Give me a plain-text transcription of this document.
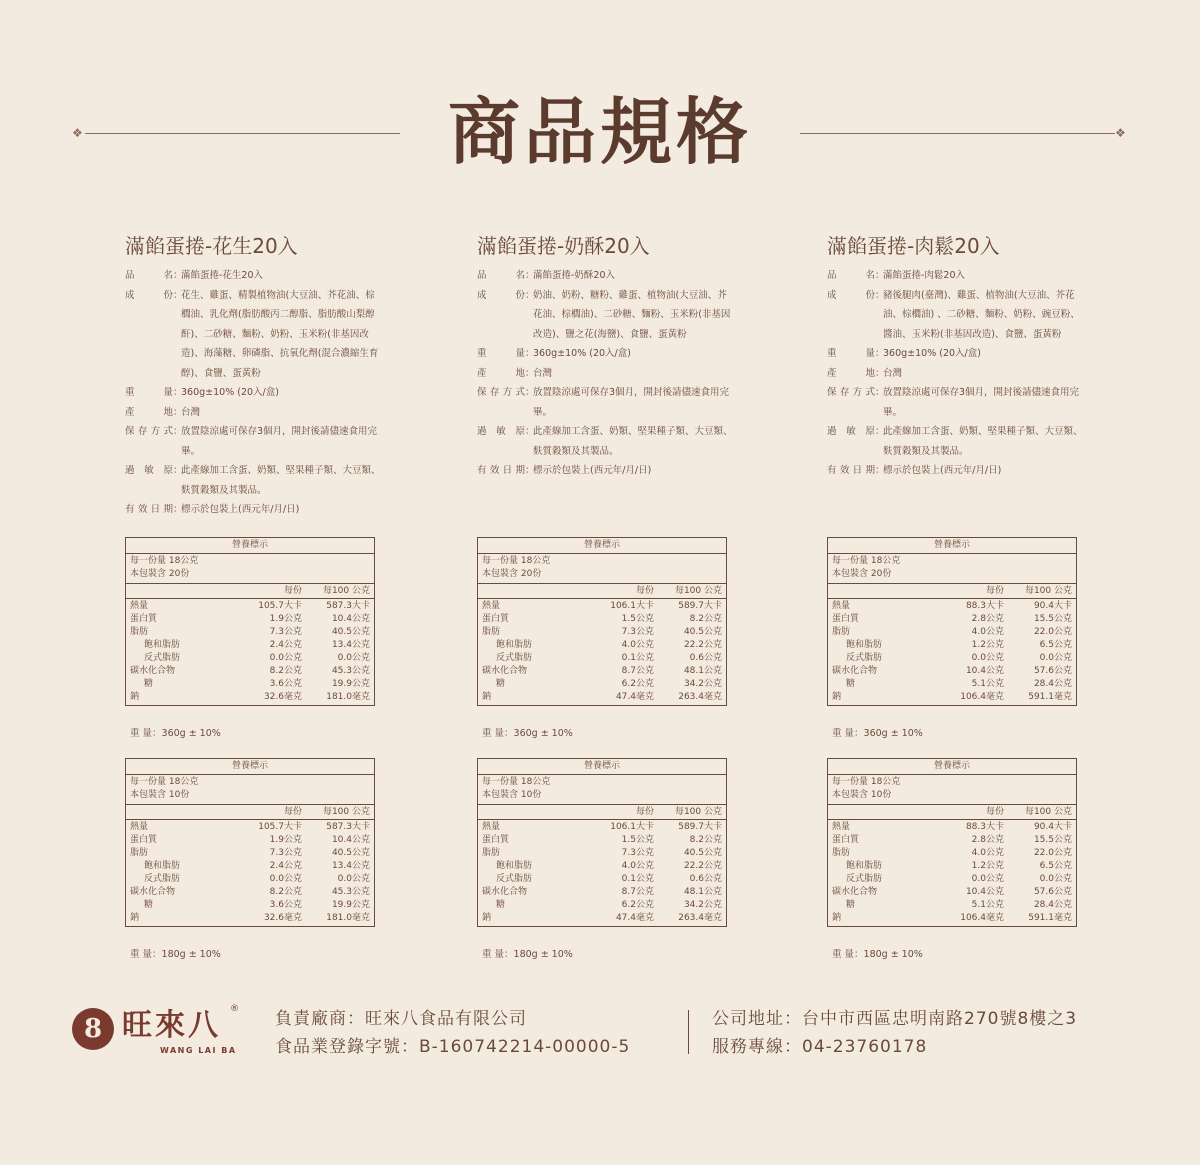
❖	❖
商品規格
滿餡蛋捲-花生20入
品名 ：
滿餡蛋捲-花生20入
成份 ：
花生、雞蛋、精製植物油(大豆油、芥花油、棕櫚油、乳化劑(脂肪酸丙二醇脂、脂肪酸山梨醇酐)、二砂糖、麵粉、奶粉、玉米粉(非基因改造)、海藻糖、卵磷脂、抗氧化劑(混合濃縮生育醇)、食鹽、蛋黃粉
重量 ：
360g±10% (20入/盒)
產地 ：
台灣
保存方式 ：
放置陰涼處可保存3個月，開封後請儘速食用完畢。
過敏原 ：
此產線加工含蛋、奶類、堅果種子類、大豆類、麩質穀類及其製品。
有效日期 ：
標示於包裝上(西元年/月/日)
營養標示
每一份量 18公克
本包裝含 20份
每份	每100 公克
熱量	105.7大卡	587.3大卡
蛋白質	1.9公克	10.4公克
脂肪	7.3公克	40.5公克
飽和脂肪	2.4公克	13.4公克
反式脂肪	0.0公克	0.0公克
碳水化合物	8.2公克	45.3公克
糖	3.6公克	19.9公克
鈉	32.6毫克	181.0毫克
重 量：360g ± 10%
營養標示
每一份量 18公克
本包裝含 10份
每份	每100 公克
熱量	105.7大卡	587.3大卡
蛋白質	1.9公克	10.4公克
脂肪	7.3公克	40.5公克
飽和脂肪	2.4公克	13.4公克
反式脂肪	0.0公克	0.0公克
碳水化合物	8.2公克	45.3公克
糖	3.6公克	19.9公克
鈉	32.6毫克	181.0毫克
重 量：180g ± 10%
滿餡蛋捲-奶酥20入
品名 ：
滿餡蛋捲-奶酥20入
成份 ：
奶油、奶粉、糖粉、雞蛋、植物油(大豆油、芥花油、棕櫚油)、二砂糖、麵粉、玉米粉(非基因改造)、鹽之花(海鹽)、食鹽、蛋黃粉
重量 ：
360g±10% (20入/盒)
產地 ：
台灣
保存方式 ：
放置陰涼處可保存3個月，開封後請儘速食用完畢。
過敏原 ：
此產線加工含蛋、奶類、堅果種子類、大豆類、麩質穀類及其製品。
有效日期 ：
標示於包裝上(西元年/月/日)
營養標示
每一份量 18公克
本包裝含 20份
每份	每100 公克
熱量	106.1大卡	589.7大卡
蛋白質	1.5公克	8.2公克
脂肪	7.3公克	40.5公克
飽和脂肪	4.0公克	22.2公克
反式脂肪	0.1公克	0.6公克
碳水化合物	8.7公克	48.1公克
糖	6.2公克	34.2公克
鈉	47.4毫克	263.4毫克
重 量：360g ± 10%
營養標示
每一份量 18公克
本包裝含 10份
每份	每100 公克
熱量	106.1大卡	589.7大卡
蛋白質	1.5公克	8.2公克
脂肪	7.3公克	40.5公克
飽和脂肪	4.0公克	22.2公克
反式脂肪	0.1公克	0.6公克
碳水化合物	8.7公克	48.1公克
糖	6.2公克	34.2公克
鈉	47.4毫克	263.4毫克
重 量：180g ± 10%
滿餡蛋捲-肉鬆20入
品名 ：
滿餡蛋捲-肉鬆20入
成份 ：
豬後腿肉(臺灣)、雞蛋、植物油(大豆油、芥花油、棕櫚油) 、二砂糖、麵粉、奶粉、豌豆粉、醬油、玉米粉(非基因改造)、食鹽、蛋黃粉
重量 ：
360g±10% (20入/盒)
產地 ：
台灣
保存方式 ：
放置陰涼處可保存3個月，開封後請儘速食用完畢。
過敏原 ：
此產線加工含蛋、奶類、堅果種子類、大豆類、麩質穀類及其製品。
有效日期 ：
標示於包裝上(西元年/月/日)
營養標示
每一份量 18公克
本包裝含 20份
每份	每100 公克
熱量	88.3大卡	90.4大卡
蛋白質	2.8公克	15.5公克
脂肪	4.0公克	22.0公克
飽和脂肪	1.2公克	6.5公克
反式脂肪	0.0公克	0.0公克
碳水化合物	10.4公克	57.6公克
糖	5.1公克	28.4公克
鈉	106.4毫克	591.1毫克
重 量：360g ± 10%
營養標示
每一份量 18公克
本包裝含 10份
每份	每100 公克
熱量	88.3大卡	90.4大卡
蛋白質	2.8公克	15.5公克
脂肪	4.0公克	22.0公克
飽和脂肪	1.2公克	6.5公克
反式脂肪	0.0公克	0.0公克
碳水化合物	10.4公克	57.6公克
糖	5.1公克	28.4公克
鈉	106.4毫克	591.1毫克
重 量：180g ± 10%
8 旺來八 ®
WANG LAI BA
負責廠商：旺來八食品有限公司
食品業登錄字號：B-160742214-00000-5
公司地址：台中市西區忠明南路270號8樓之3
服務專線：04-23760178
